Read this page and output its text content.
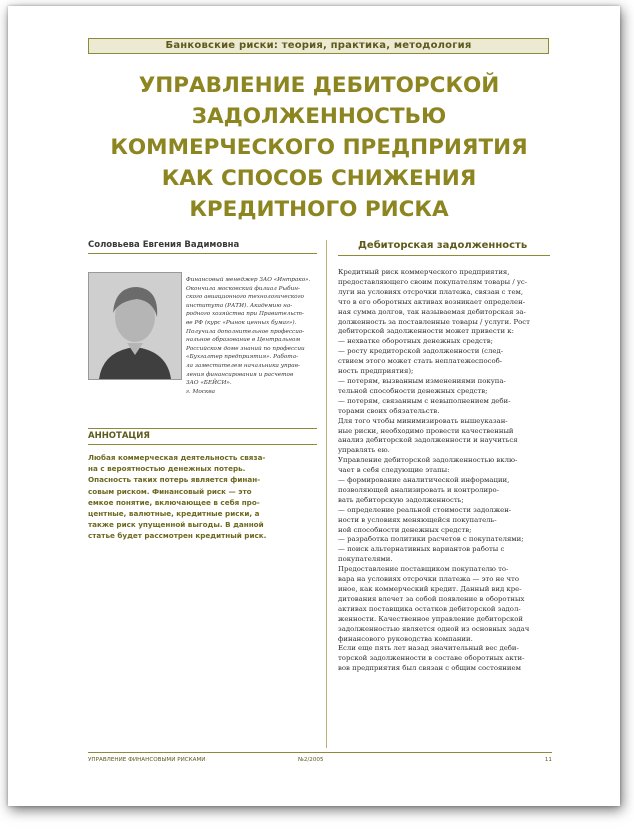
Банковские риски: теория, практика, методология
УПРАВЛЕНИЕ ДЕБИТОРСКОЙ
ЗАДОЛЖЕННОСТЬЮ
КОММЕРЧЕСКОГО ПРЕДПРИЯТИЯ
КАК СПОСОБ СНИЖЕНИЯ
КРЕДИТНОГО РИСКА
Соловьева Евгения Вадимовна
Финансовый менеджер ЗАО «Интрако».
Окончила московский филиал Рыбин-
ского авиационного технологического
института (РАТИ). Академию на-
родного хозяйства при Правительст-
ве РФ (курс «Рынок ценных бумаг»).
Получила дополнительное профессио-
нальное образование в Центральном
Российском доме знаний по профессии
«Бухгалтер предприятия». Работа-
ла заместителем начальника управ-
ления финансирования и расчетов
ЗАО «БЕЙСИ».
г. Москва
АННОТАЦИЯ
Любая коммерческая деятельность связа-
на с вероятностью денежных потерь.
Опасность таких потерь является финан-
совым риском. Финансовый риск — это
емкое понятие, включающее в себя про-
центные, валютные, кредитные риски, а
также риск упущенной выгоды. В данной
статье будет рассмотрен кредитный риск.
Дебиторская задолженность
Кредитный риск коммерческого предприятия,
предоставляющего своим покупателям товары / ус-
луги на условиях отсрочки платежа, связан с тем,
что в его оборотных активах возникает определен-
ная сумма долгов, так называемая дебиторская за-
долженность за поставленные товары / услуги. Рост
дебиторской задолженности может привести к:
— нехватке оборотных денежных средств;
— росту кредиторской задолженности (след-
ствием этого может стать неплатежеспособ-
ность предприятия);
— потерям, вызванным изменениями покупа-
тельной способности денежных средств;
— потерям, связанным с невыполнением деби-
торами своих обязательств.
Для того чтобы минимизировать вышеуказан-
ные риски, необходимо провести качественный
анализ дебиторской задолженности и научиться
управлять ею.
Управление дебиторской задолженностью вклю-
чает в себя следующие этапы:
— формирование аналитической информации,
позволяющей анализировать и контролиро-
вать дебиторскую задолженность;
— определение реальной стоимости задолжен-
ности в условиях меняющейся покупатель-
ной способности денежных средств;
— разработка политики расчетов с покупателями;
— поиск альтернативных вариантов работы с
покупателями.
Предоставление поставщиком покупателю то-
вара на условиях отсрочки платежа — это не что
иное, как коммерческий кредит. Данный вид кре-
дитования влечет за собой появление в оборотных
активах поставщика остатков дебиторской задол-
женности. Качественное управление дебиторской
задолженностью является одной из основных задач
финансового руководства компании.
Если еще пять лет назад значительный вес деби-
торской задолженности в составе оборотных акти-
вов предприятия был связан с общим состоянием
УПРАВЛЕНИЕ ФИНАНСОВЫМИ РИСКАМИ	№2/2005	11
